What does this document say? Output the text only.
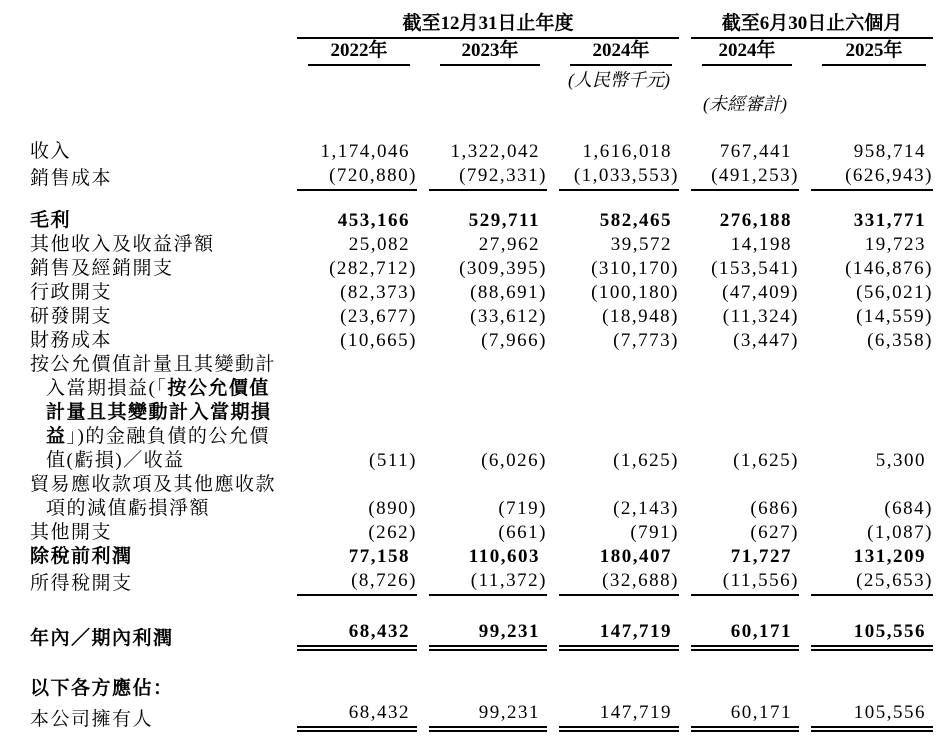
	截至12月31日止年度			截至6月30日止六個月	

	2022年	2023年	2024年	2024年	2025年

			(人民幣千元)		
				(未經審計)	

收入	1,174,046	1,322,042	1,616,018	767,441	958,714
銷售成本	(720,880)	(792,331)	(1,033,553)	(491,253)	(626,943)

毛利	453,166	529,711	582,465	276,188	331,771
其他收入及收益淨額	25,082	27,962	39,572	14,198	19,723
銷售及經銷開支	(282,712)	(309,395)	(310,170)	(153,541)	(146,876)
行政開支	(82,373)	(88,691)	(100,180)	(47,409)	(56,021)
研發開支	(23,677)	(33,612)	(18,948)	(11,324)	(14,559)
財務成本	(10,665)	(7,966)	(7,773)	(3,447)	(6,358)

按公允價值計量且其變動計
入當期損益(「按公允價值
計量且其變動計入當期損
益」)的金融負債的公允價
值(虧損)／收益	(511)	(6,026)	(1,625)	(1,625)	5,300

貿易應收款項及其他應收款
項的減值虧損淨額	(890)	(719)	(2,143)	(686)	(684)
其他開支	(262)	(661)	(791)	(627)	(1,087)
除稅前利潤	77,158	110,603	180,407	71,727	131,209
所得稅開支	(8,726)	(11,372)	(32,688)	(11,556)	(25,653)

年內／期內利潤	68,432	99,231	147,719	60,171	105,556

以下各方應佔：					
本公司擁有人	68,432	99,231	147,719	60,171	105,556
